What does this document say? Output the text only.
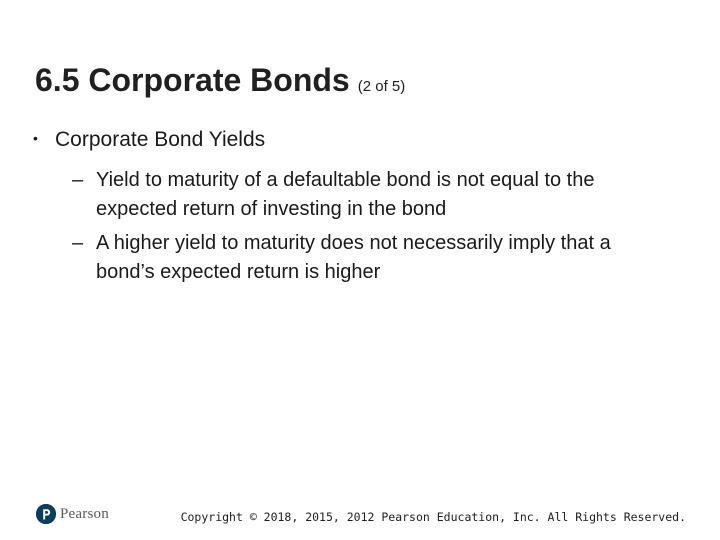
6.5 Corporate Bonds (2 of 5)
• Corporate Bond Yields
– Yield to maturity of a defaultable bond is not equal to the expected return of investing in the bond
– A higher yield to maturity does not necessarily imply that a bond’s expected return is higher
Pearson	Copyright © 2018, 2015, 2012 Pearson Education, Inc. All Rights Reserved.
